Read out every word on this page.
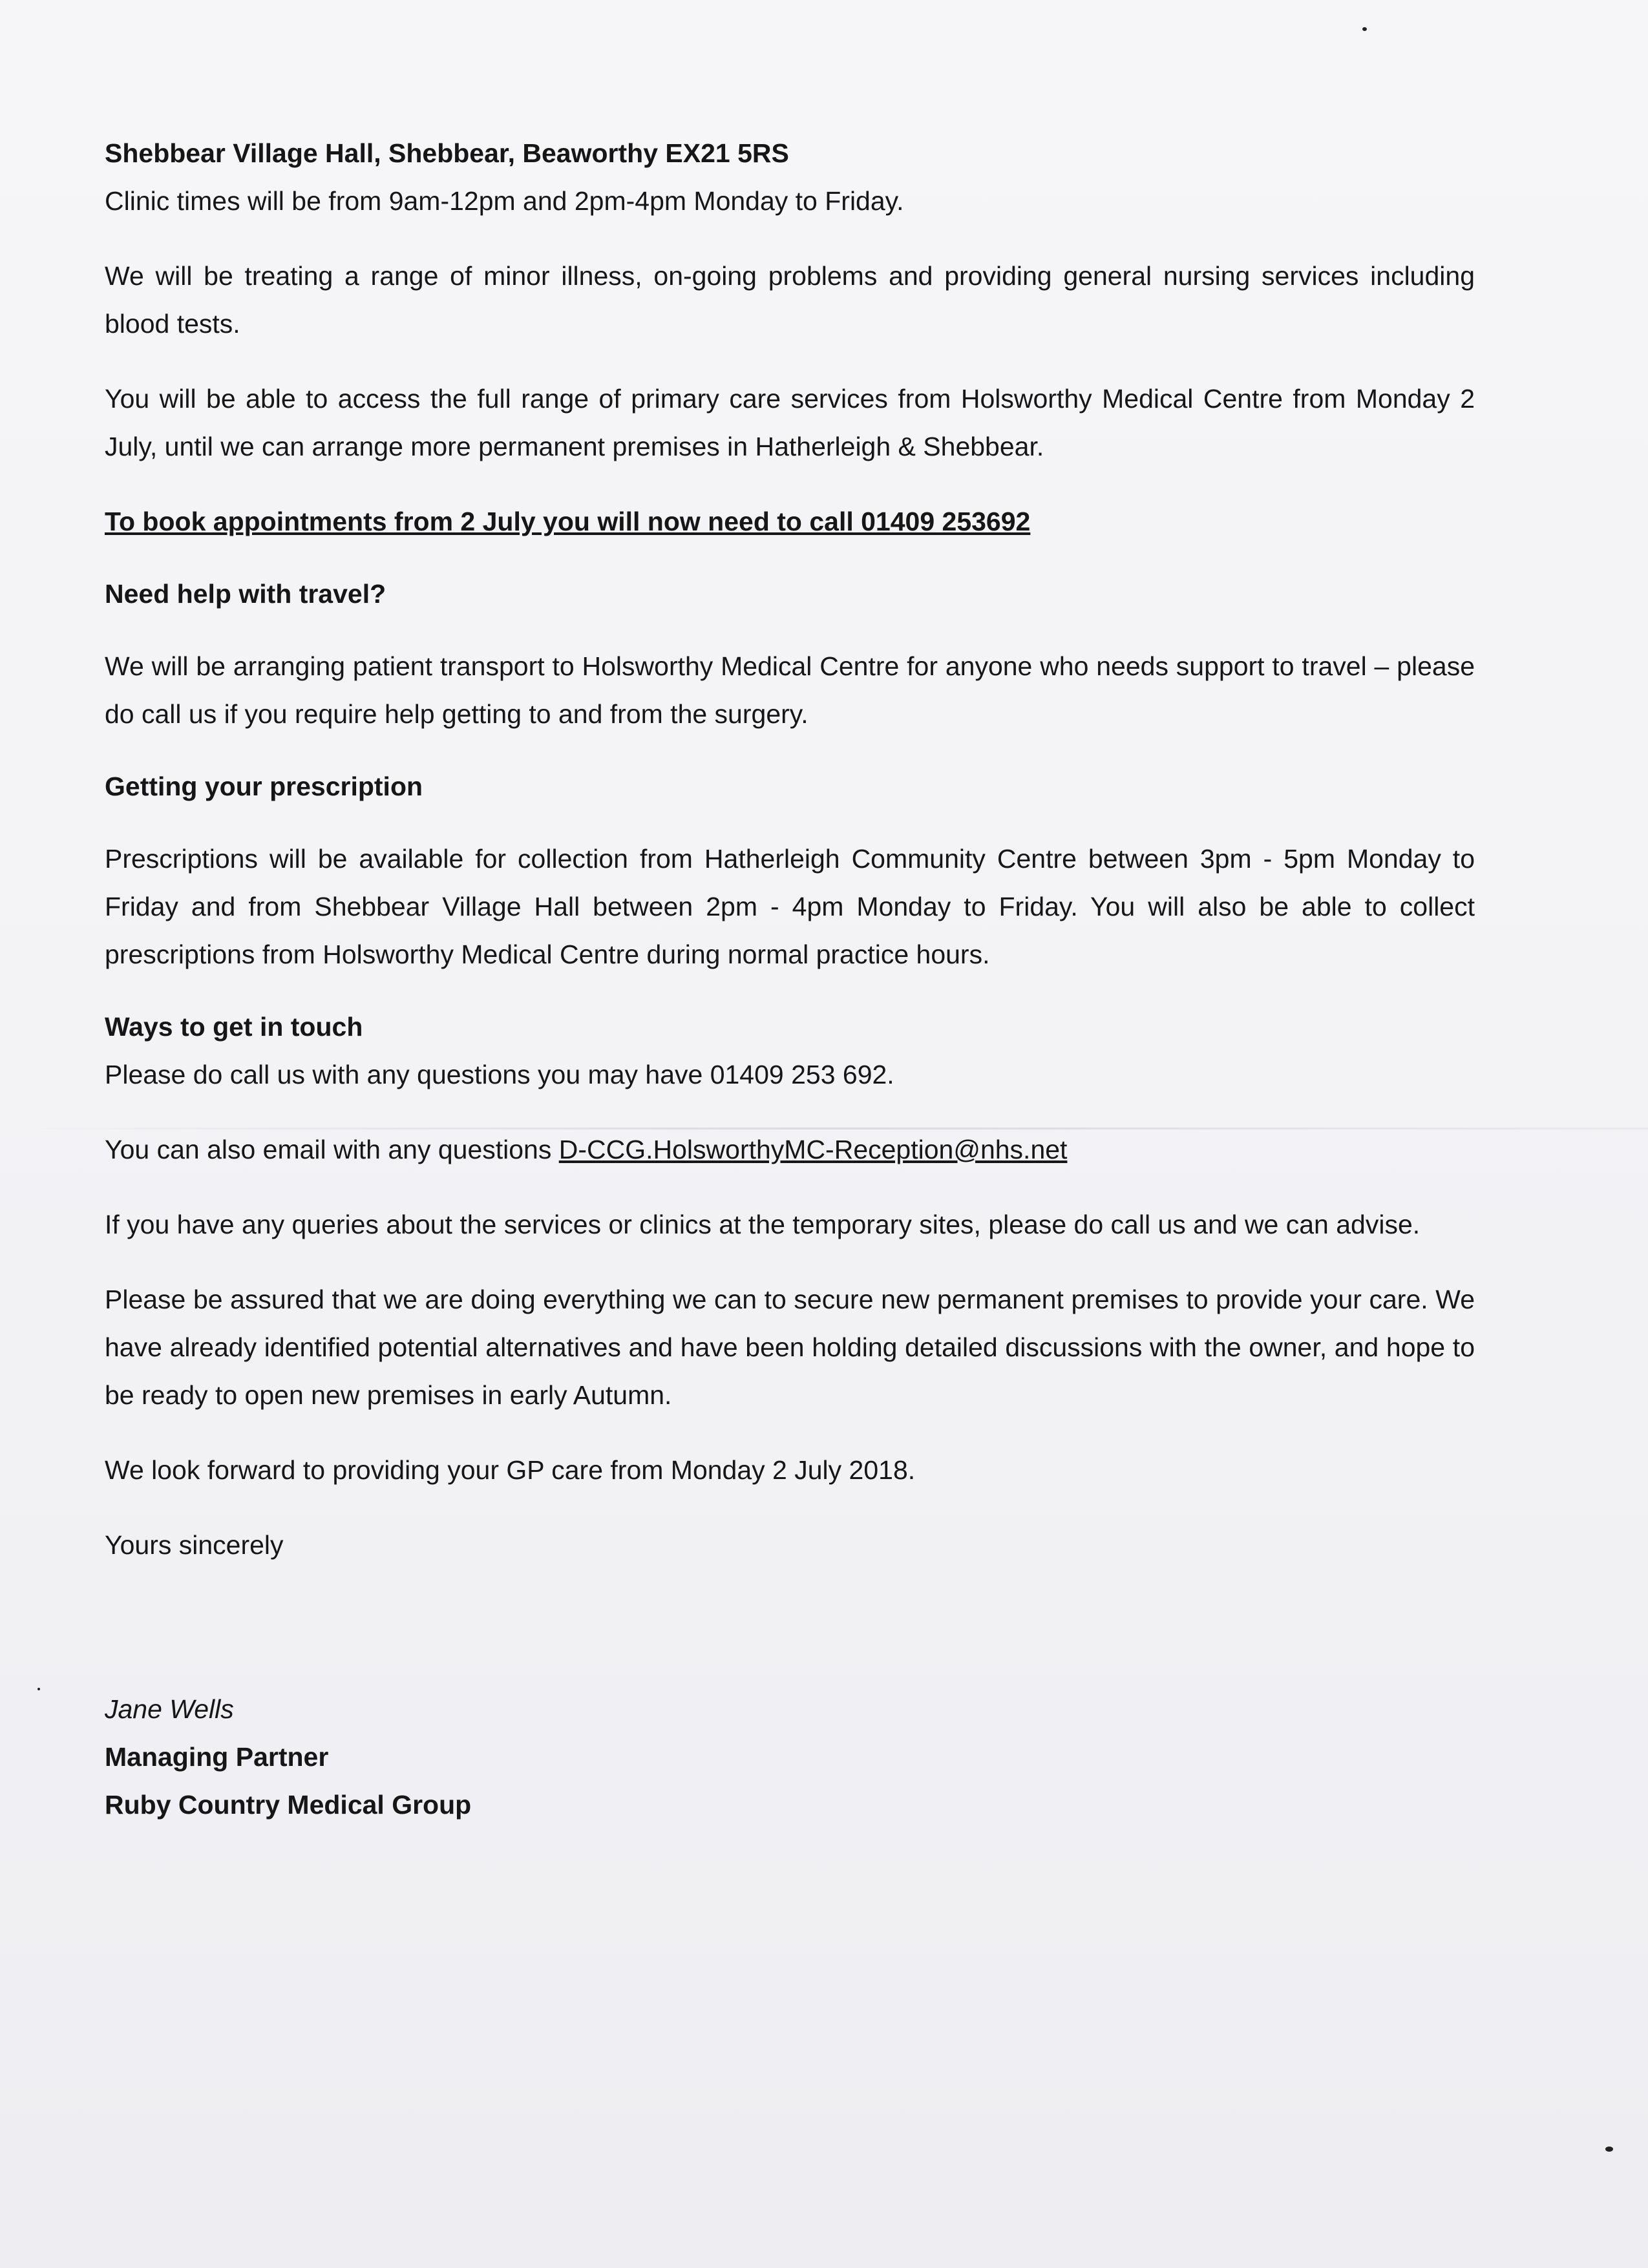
Shebbear Village Hall, Shebbear, Beaworthy EX21 5RS

Clinic times will be from 9am-12pm and 2pm-4pm Monday to Friday.

We will be treating a range of minor illness, on-going problems and providing general nursing services including blood tests.

You will be able to access the full range of primary care services from Holsworthy Medical Centre from Monday 2 July, until we can arrange more permanent premises in Hatherleigh & Shebbear.

To book appointments from 2 July you will now need to call 01409 253692

Need help with travel?

We will be arranging patient transport to Holsworthy Medical Centre for anyone who needs support to travel – please do call us if you require help getting to and from the surgery.

Getting your prescription

Prescriptions will be available for collection from Hatherleigh Community Centre between 3pm - 5pm Monday to Friday and from Shebbear Village Hall between 2pm - 4pm Monday to Friday. You will also be able to collect prescriptions from Holsworthy Medical Centre during normal practice hours.

Ways to get in touch

Please do call us with any questions you may have 01409 253 692.

You can also email with any questions D-CCG.HolsworthyMC-Reception@nhs.net

If you have any queries about the services or clinics at the temporary sites, please do call us and we can advise.

Please be assured that we are doing everything we can to secure new permanent premises to provide your care. We have already identified potential alternatives and have been holding detailed discussions with the owner, and hope to be ready to open new premises in early Autumn.

We look forward to providing your GP care from Monday 2 July 2018.

Yours sincerely

Jane Wells

Managing Partner

Ruby Country Medical Group
